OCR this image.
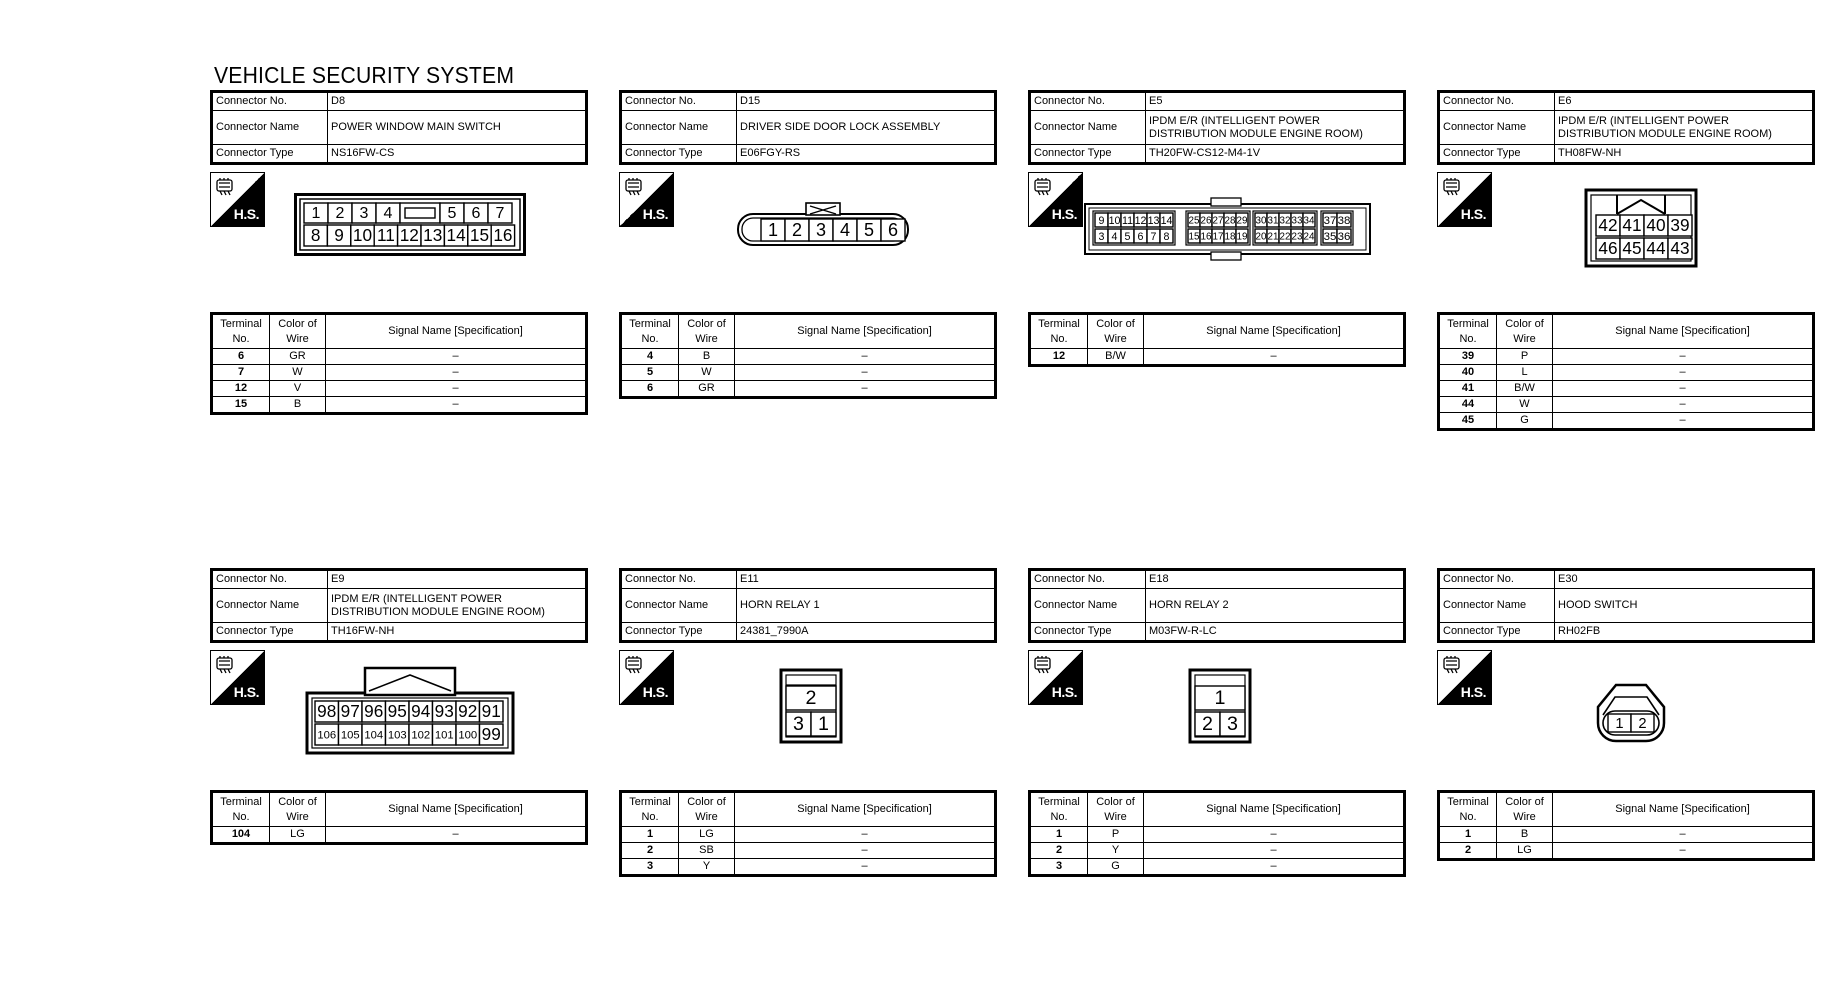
VEHICLE SECURITY SYSTEM
Connector No.	D8
Connector Name	POWER WINDOW MAIN SWITCH
Connector Type	NS16FW-CS
H.S.	1 2 3 4	5 6 7
8 9 10 11 12 13 14 15 16
Terminal No.	Color of Wire	Signal Name [Specification]
6	GR	–
7	W	–
12	V	–
15	B	–
Connector No.	D15
Connector Name	DRIVER SIDE DOOR LOCK ASSEMBLY
Connector Type	E06FGY-RS
H.S.
1 2 3 4 5 6
Terminal No.	Color of Wire	Signal Name [Specification]
4	B	–
5	W	–
6	GR	–
Connector No.	E5
Connector Name	IPDM E/R (INTELLIGENT POWER DISTRIBUTION MODULE ENGINE ROOM)
Connector Type	TH20FW-CS12-M4-1V
H.S. 9 10 11 12 13 14
3 4 5 6 7 8
25 26 27 28 29
15 16 17 18 19
30 31 32 33 34
20 21 22 23 24
37 38
35 36
Terminal No.	Color of Wire	Signal Name [Specification]
12	B/W	–
Connector No.	E6
Connector Name	IPDM E/R (INTELLIGENT POWER DISTRIBUTION MODULE ENGINE ROOM)
Connector Type	TH08FW-NH
H.S.
42 41 40 39
46 45 44 43
Terminal No.	Color of Wire	Signal Name [Specification]
39	P	–
40	L	–
41	B/W	–
44	W	–
45	G	–
Connector No.	E9
Connector Name	IPDM E/R (INTELLIGENT POWER DISTRIBUTION MODULE ENGINE ROOM)
Connector Type	TH16FW-NH
H.S.
98 97 96 95 94 93 92 91
106 105 104 103 102 101 100 99
Terminal No.	Color of Wire	Signal Name [Specification]
104	LG	–
Connector No.	E11
Connector Name	HORN RELAY 1
Connector Type	24381_7990A
H.S.	2
3 1
Terminal No.	Color of Wire	Signal Name [Specification]
1	LG	–
2	SB	–
3	Y	–
Connector No.	E18
Connector Name	HORN RELAY 2
Connector Type	M03FW-R-LC
H.S.	1
2 3
Terminal No.	Color of Wire	Signal Name [Specification]
1	P	–
2	Y	–
3	G	–
Connector No.	E30
Connector Name	HOOD SWITCH
Connector Type	RH02FB
H.S.
1 2
Terminal No.	Color of Wire	Signal Name [Specification]
1	B	–
2	LG	–
